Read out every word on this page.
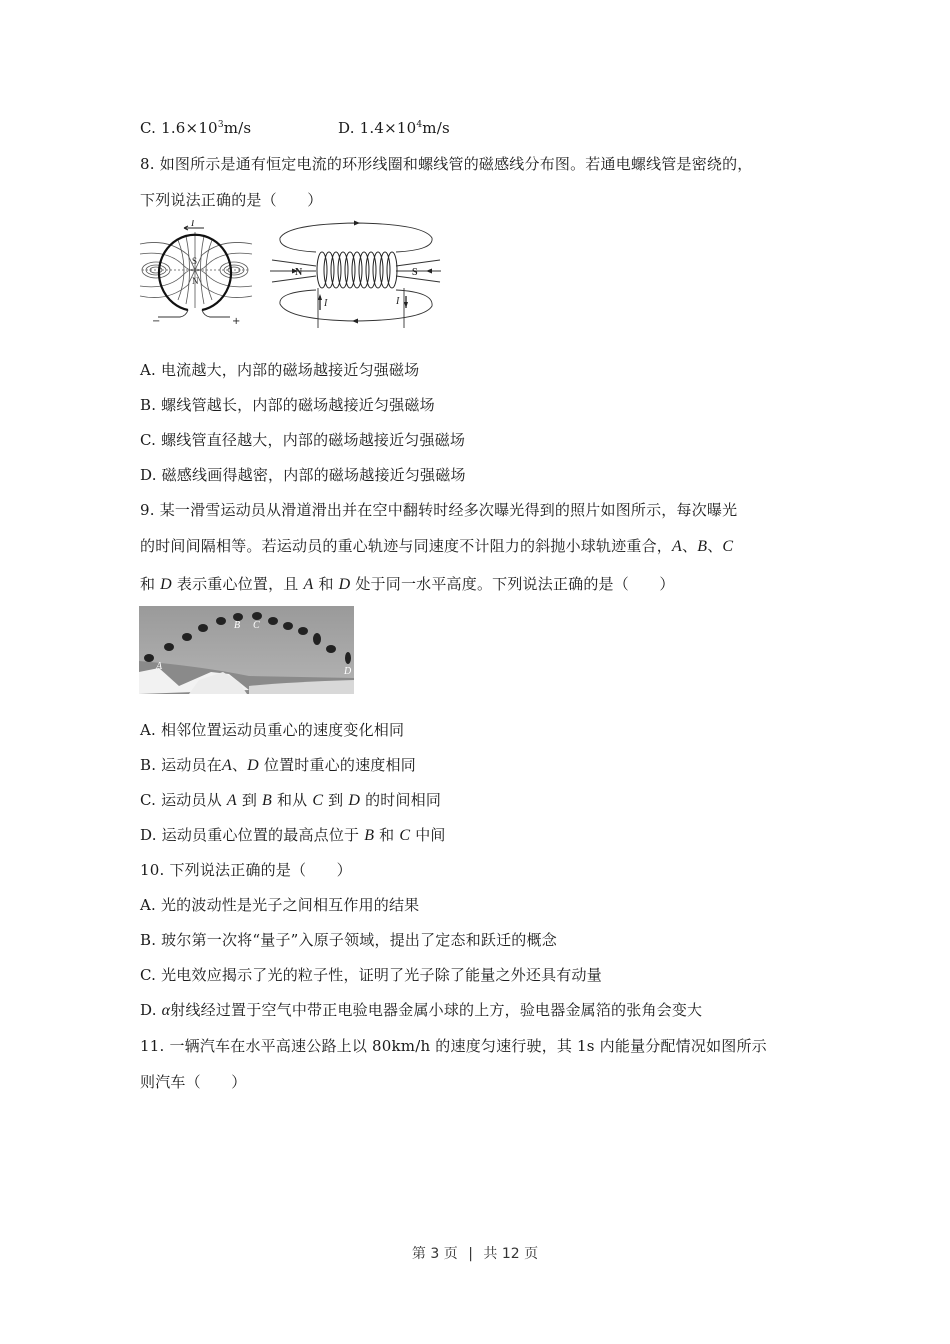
C. $1.6\times 10^3m/s$	D. $1.4\times 10^4m/s$
8. 如图所示是通有恒定电流的环形线圈和螺线管的磁感线分布图。若通电螺线管是密绕的，
下列说法正确的是（　　）
I
S
N
−	+
N	S
I	I
A. 电流越大，内部的磁场越接近匀强磁场
B. 螺线管越长，内部的磁场越接近匀强磁场
C. 螺线管直径越大，内部的磁场越接近匀强磁场
D. 磁感线画得越密，内部的磁场越接近匀强磁场
9. 某一滑雪运动员从滑道滑出并在空中翻转时经多次曝光得到的照片如图所示，每次曝光
的时间间隔相等。若运动员的重心轨迹与同速度不计阻力的斜抛小球轨迹重合，A、B、C
和 D 表示重心位置，且 A 和 D 处于同一水平高度。下列说法正确的是（　　）
A
B C
D
A. 相邻位置运动员重心的速度变化相同
B. 运动员在A、D 位置时重心的速度相同
C. 运动员从 A 到 B 和从 C 到 D 的时间相同
D. 运动员重心位置的最高点位于 B 和 C 中间
10. 下列说法正确的是（　　）
A. 光的波动性是光子之间相互作用的结果
B. 玻尔第一次将“量子”入原子领域，提出了定态和跃迁的概念
C. 光电效应揭示了光的粒子性，证明了光子除了能量之外还具有动量
D. α射线经过置于空气中带正电验电器金属小球的上方，验电器金属箔的张角会变大
11. 一辆汽车在水平高速公路上以 80km/h 的速度匀速行驶，其 1s 内能量分配情况如图所示
则汽车（　　）
第 3 页 | 共 12 页
